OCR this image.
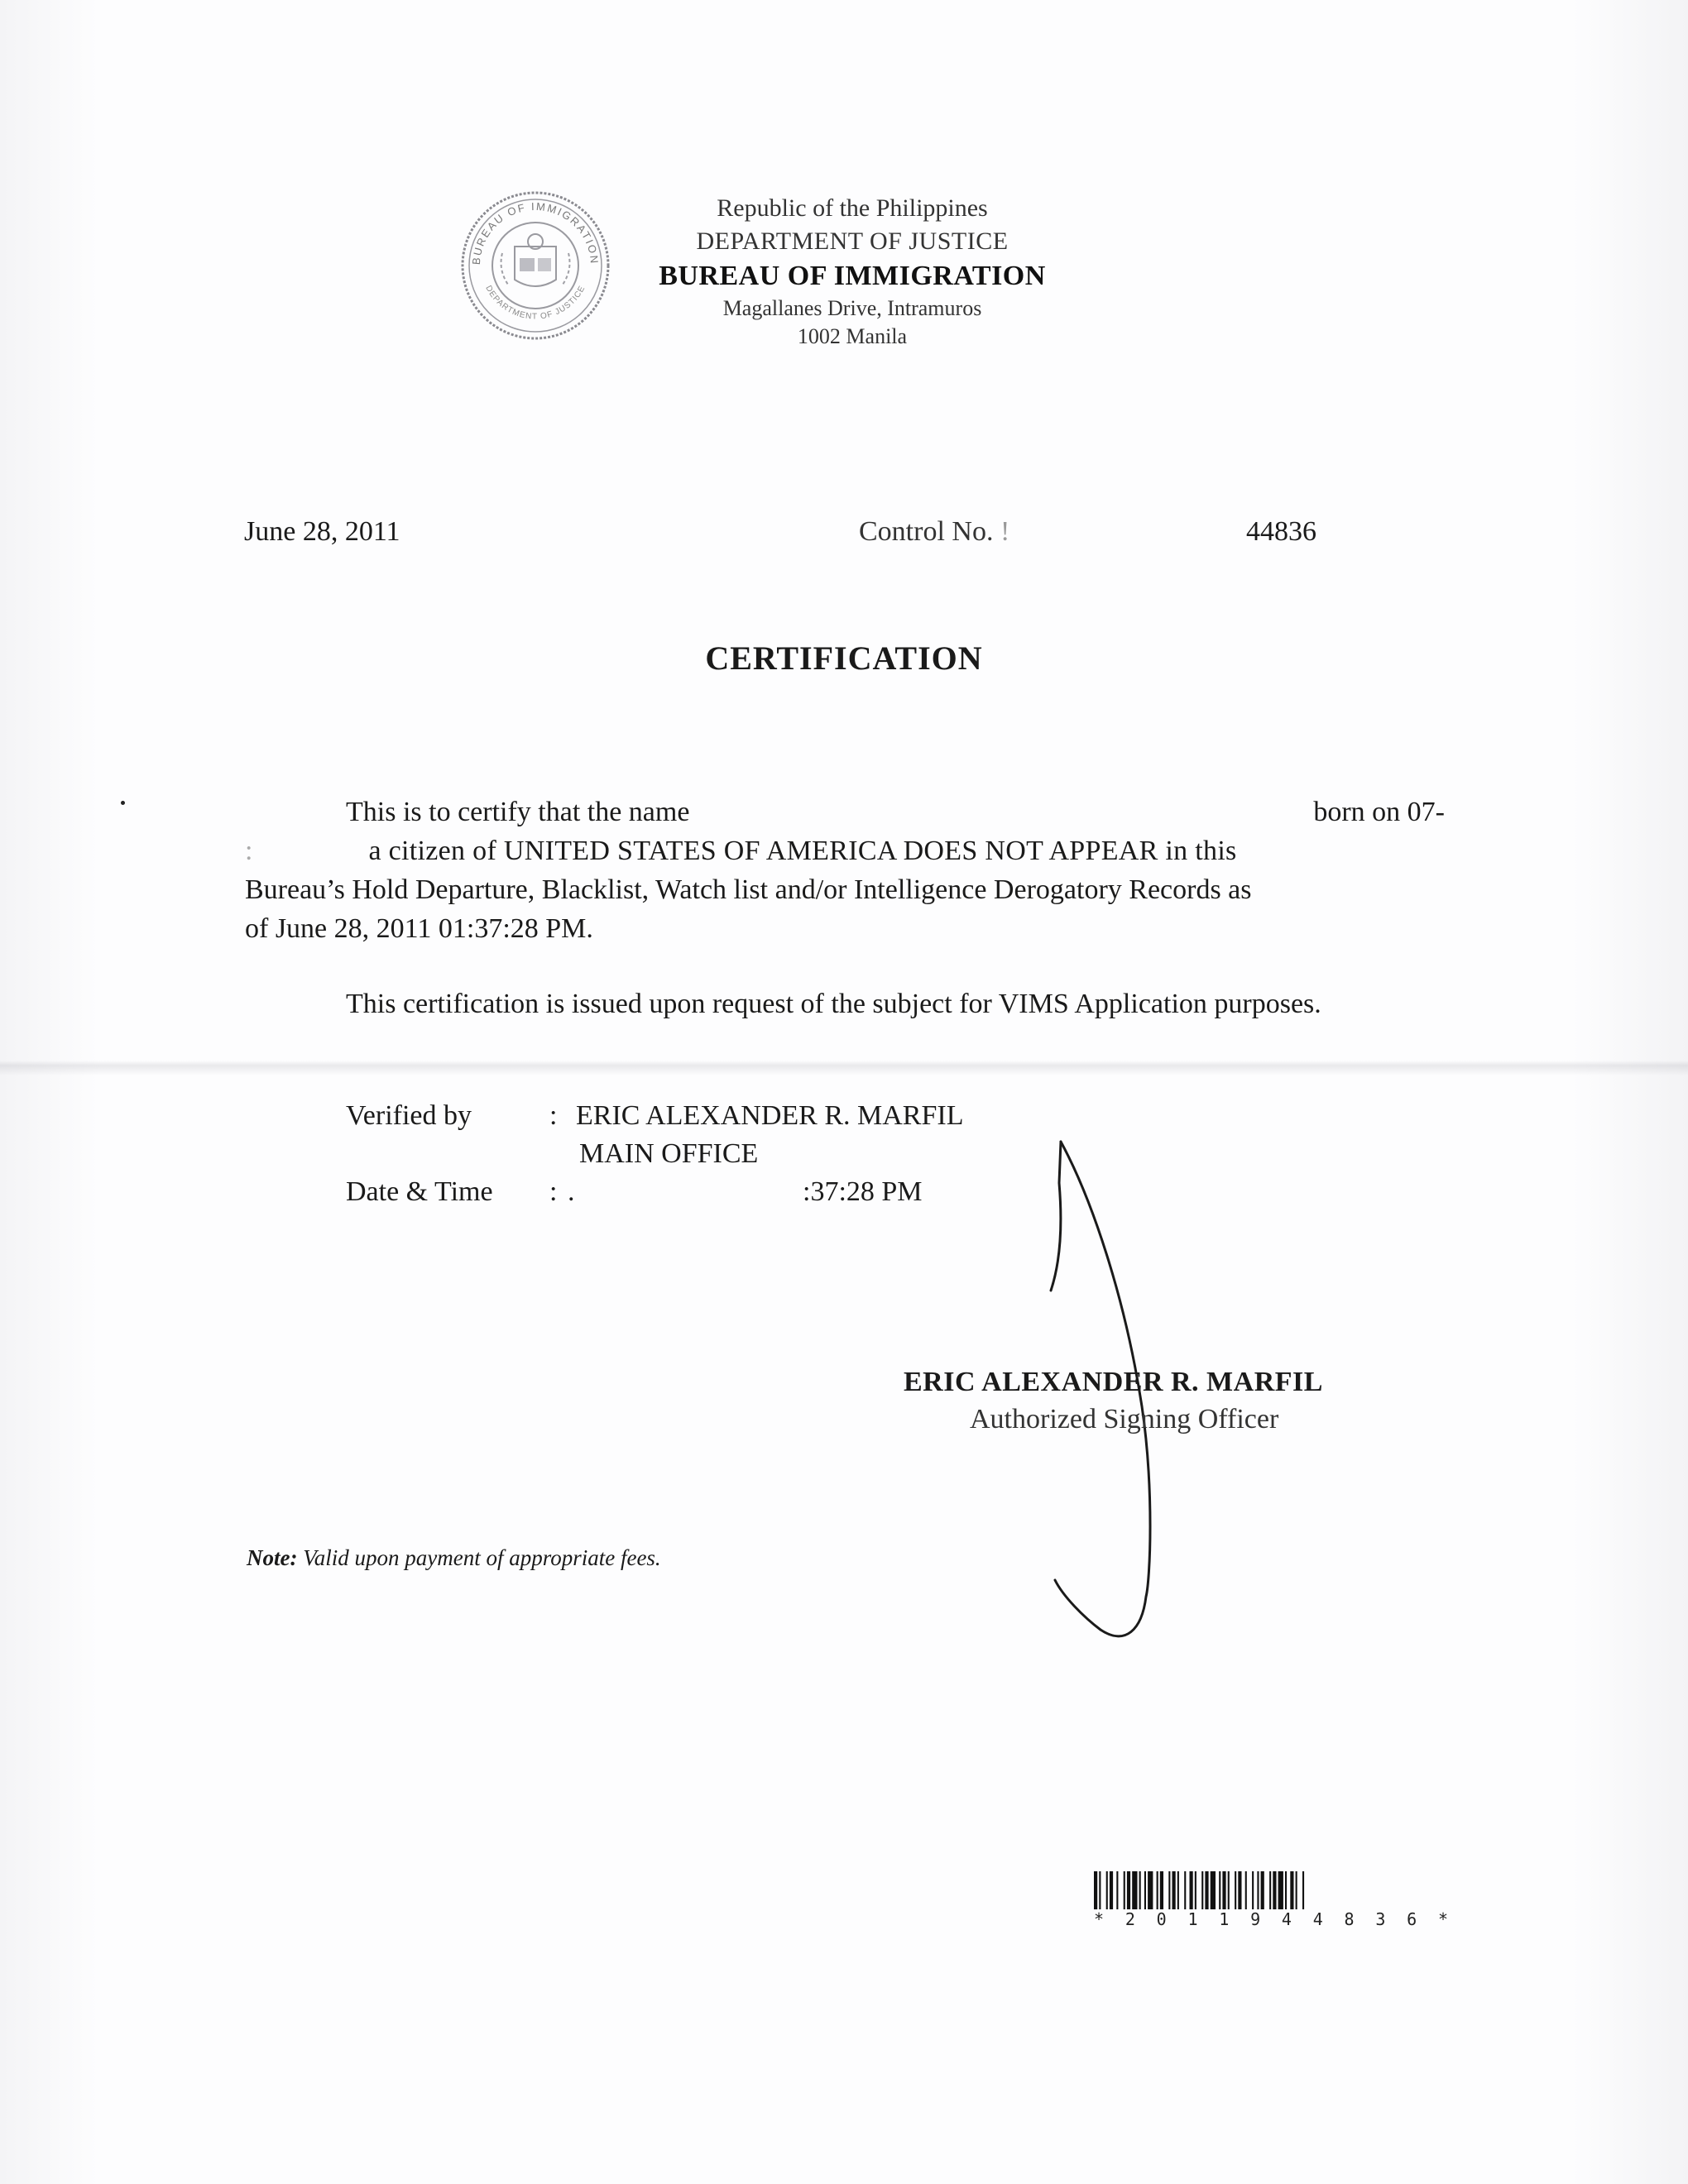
BUREAU OF IMMIGRATION
DEPARTMENT OF JUSTICE
Republic of the Philippines
DEPARTMENT OF JUSTICE
BUREAU OF IMMIGRATION
Magallanes Drive, Intramuros
1002 Manila
June 28, 2011	Control No. !	44836
CERTIFICATION
This is to certify that the name	born on 07-
:	a citizen of UNITED STATES OF AMERICA DOES NOT APPEAR in this
Bureau’s Hold Departure, Blacklist, Watch list and/or Intelligence Derogatory Records as
of June 28, 2011 01:37:28 PM.
This certification is issued upon request of the subject for VIMS Application purposes.
Verified by	: ERIC ALEXANDER R. MARFIL
MAIN OFFICE
Date & Time : .	:37:28 PM
ERIC ALEXANDER R. MARFIL
Authorized Signing Officer
Note: Valid upon payment of appropriate fees.
* 2 0 1 1 9 4 4 8 3 6 *
